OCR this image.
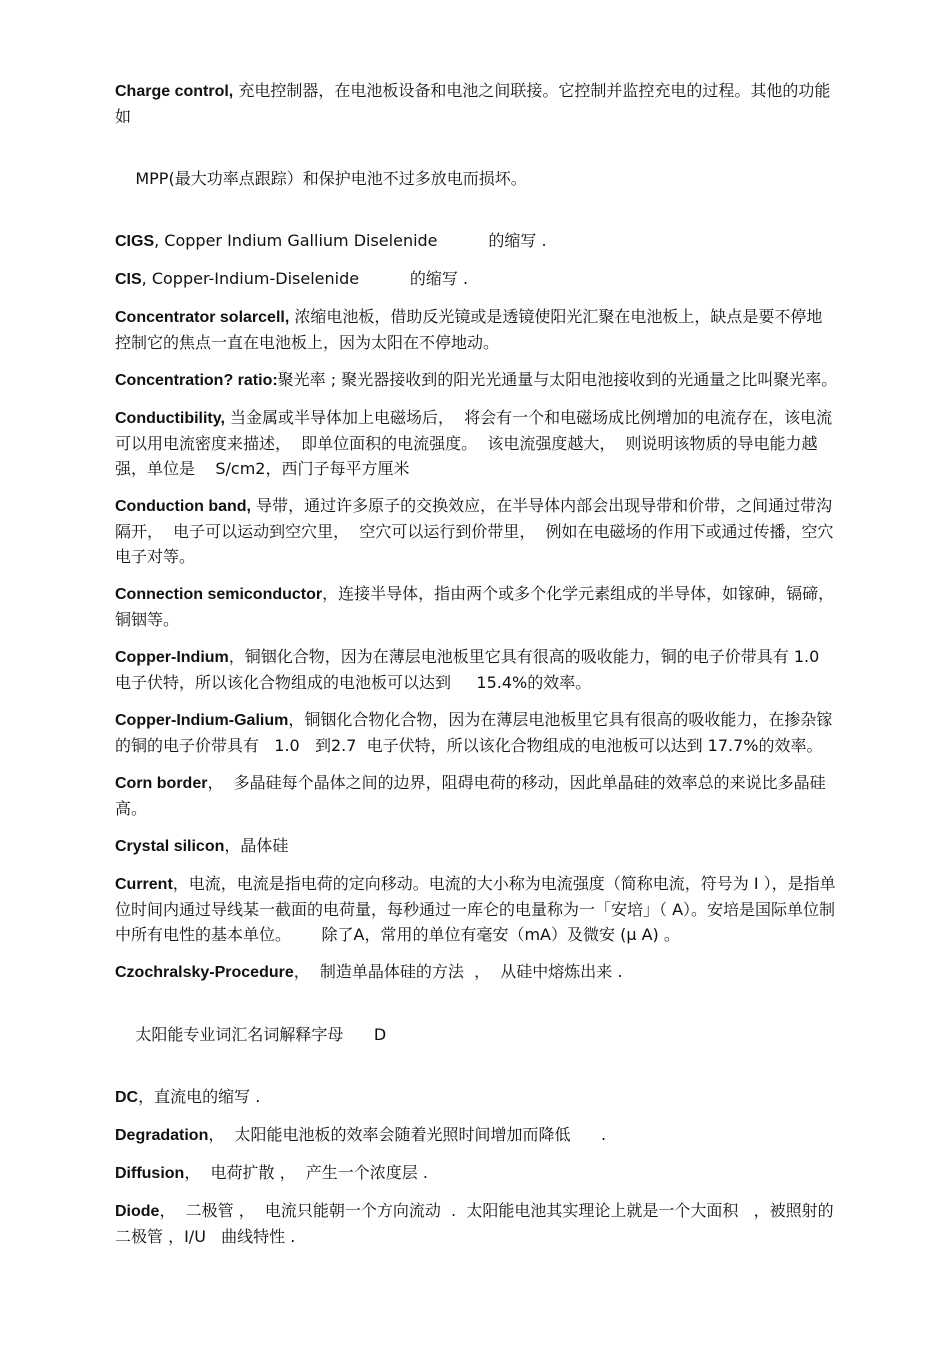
Charge control, 充电控制器，在电池板设备和电池之间联接。它控制并监控充电的过程。其他的功能如

MPP(最大功率点跟踪）和保护电池不过多放电而损坏。

CIGS, Copper Indium Gallium Diselenide          的缩写 .
CIS, Copper-Indium-Diselenide          的缩写 .
Concentrator solarcell, 浓缩电池板，借助反光镜或是透镜使阳光汇聚在电池板上，缺点是要不停地控制它的焦点一直在电池板上，因为太阳在不停地动。
Concentration? ratio:聚光率 ; 聚光器接收到的阳光光通量与太阳电池接收到的光通量之比叫聚光率。
Conductibility, 当金属或半导体加上电磁场后，  将会有一个和电磁场成比例增加的电流存在，该电流可以用电流密度来描述，  即单位面积的电流强度。  该电流强度越大，  则说明该物质的导电能力越强，单位是    S/cm2，西门子每平方厘米
Conduction band, 导带，通过许多原子的交换效应，在半导体内部会出现导带和价带，之间通过带沟隔开，  电子可以运动到空穴里，  空穴可以运行到价带里，  例如在电磁场的作用下或通过传播，空穴电子对等。
Connection semiconductor，连接半导体，指由两个或多个化学元素组成的半导体，如镓砷，镉碲，铜铟等。
Copper-Indium，铜铟化合物，因为在薄层电池板里它具有很高的吸收能力，铜的电子价带具有 1.0  电子伏特，所以该化合物组成的电池板可以达到     15.4%的效率。
Copper-Indium-Galium，铜铟化合物化合物，因为在薄层电池板里它具有很高的吸收能力，在掺杂镓的铜的电子价带具有   1.0   到2.7  电子伏特，所以该化合物组成的电池板可以达到 17.7%的效率。
Corn border，  多晶硅每个晶体之间的边界，阻碍电荷的移动，因此单晶硅的效率总的来说比多晶硅高。
Crystal silicon，晶体硅
Current，电流，电流是指电荷的定向移动。电流的大小称为电流强度（简称电流，符号为 I ），是指单位时间内通过导线某一截面的电荷量，每秒通过一库仑的电量称为一「安培」（ A）。安培是国际单位制中所有电性的基本单位。      除了A，常用的单位有毫安（mA）及微安 (μ A) 。
Czochralsky-Procedure，  制造单晶体硅的方法  ，  从硅中熔炼出来 .

太阳能专业词汇名词解释字母      D

DC，直流电的缩写 .
Degradation，  太阳能电池板的效率会随着光照时间增加而降低      .
Diffusion，  电荷扩散 ，  产生一个浓度层 .
Diode，  二极管 ，  电流只能朝一个方向流动  .  太阳能电池其实理论上就是一个大面积   ，被照射的二极管 ，I/U   曲线特性 .
